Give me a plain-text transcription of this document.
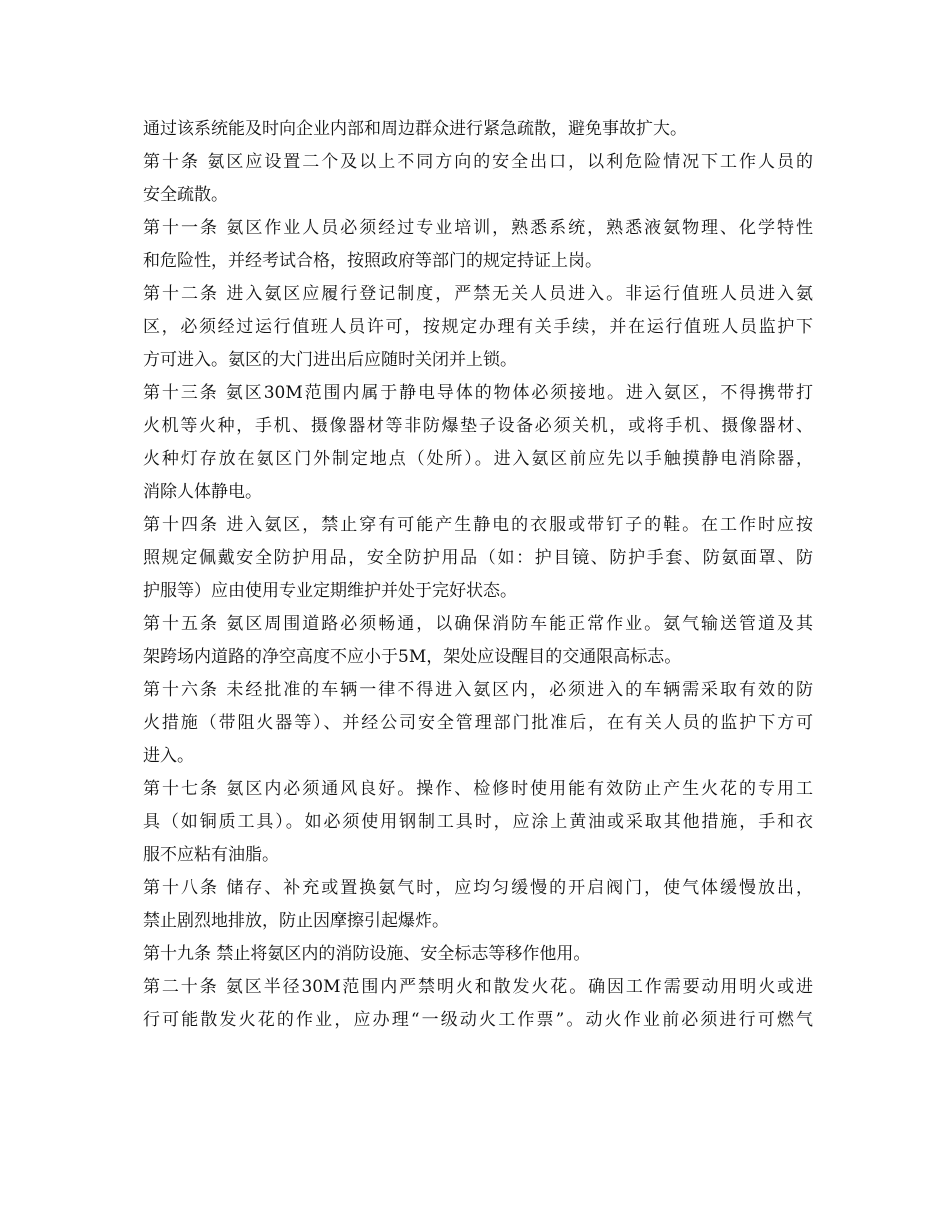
通过该系统能及时向企业内部和周边群众进行紧急疏散，避免事故扩大。
第十条 氨区应设置二个及以上不同方向的安全出口，以利危险情况下工作人员的
安全疏散。
第十一条 氨区作业人员必须经过专业培训，熟悉系统，熟悉液氨物理、化学特性
和危险性，并经考试合格，按照政府等部门的规定持证上岗。
第十二条 进入氨区应履行登记制度，严禁无关人员进入。非运行值班人员进入氨
区，必须经过运行值班人员许可，按规定办理有关手续，并在运行值班人员监护下
方可进入。氨区的大门进出后应随时关闭并上锁。
第十三条 氨区30M范围内属于静电导体的物体必须接地。进入氨区，不得携带打
火机等火种，手机、摄像器材等非防爆垫子设备必须关机，或将手机、摄像器材、
火种灯存放在氨区门外制定地点（处所）。进入氨区前应先以手触摸静电消除器，
消除人体静电。
第十四条 进入氨区，禁止穿有可能产生静电的衣服或带钉子的鞋。在工作时应按
照规定佩戴安全防护用品，安全防护用品（如：护目镜、防护手套、防氨面罩、防
护服等）应由使用专业定期维护并处于完好状态。
第十五条 氨区周围道路必须畅通，以确保消防车能正常作业。氨气输送管道及其
架跨场内道路的净空高度不应小于5M，架处应设醒目的交通限高标志。
第十六条 未经批准的车辆一律不得进入氨区内，必须进入的车辆需采取有效的防
火措施（带阻火器等）、并经公司安全管理部门批准后，在有关人员的监护下方可
进入。
第十七条 氨区内必须通风良好。操作、检修时使用能有效防止产生火花的专用工
具（如铜质工具）。如必须使用钢制工具时，应涂上黄油或采取其他措施，手和衣
服不应粘有油脂。
第十八条 储存、补充或置换氨气时，应均匀缓慢的开启阀门，使气体缓慢放出，
禁止剧烈地排放，防止因摩擦引起爆炸。
第十九条 禁止将氨区内的消防设施、安全标志等移作他用。
第二十条 氨区半径30M范围内严禁明火和散发火花。确因工作需要动用明火或进
行可能散发火花的作业，应办理“一级动火工作票”。动火作业前必须进行可燃气
